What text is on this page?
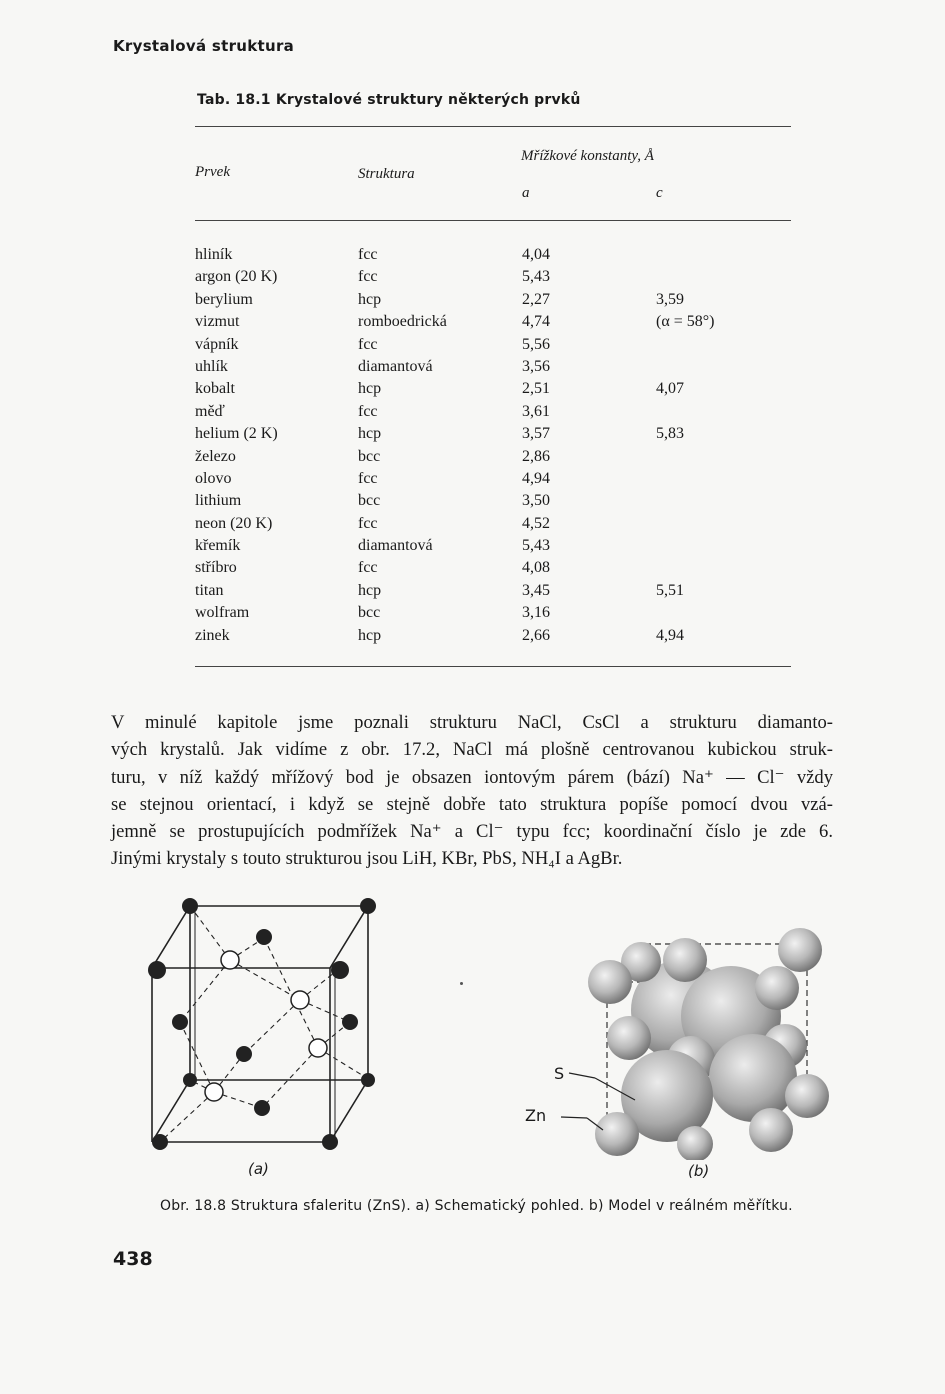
Krystalová struktura
Tab. 18.1 Krystalové struktury některých prvků
Mřížkové konstanty, Å
Prvek	Struktura
a	c
hliník	fcc	4,04
argon (20 K)	fcc	5,43
berylium	hcp	2,27	3,59
vizmut	romboedrická	4,74	(α = 58°)
vápník	fcc	5,56
uhlík	diamantová	3,56
kobalt	hcp	2,51	4,07
měď	fcc	3,61
helium (2 K)	hcp	3,57	5,83
železo	bcc	2,86
olovo	fcc	4,94
lithium	bcc	3,50
neon (20 K)	fcc	4,52
křemík	diamantová	5,43
stříbro	fcc	4,08
titan	hcp	3,45	5,51
wolfram	bcc	3,16
zinek	hcp	2,66	4,94
V minulé kapitole jsme poznali strukturu NaCl, CsCl a strukturu diamanto-
vých krystalů. Jak vidíme z obr. 17.2, NaCl má plošně centrovanou kubickou struk-
turu, v níž každý mřížový bod je obsazen iontovým párem (bází) Na⁺ — Cl⁻ vždy
se stejnou orientací, i když se stejně dobře tato struktura popíše pomocí dvou vzá-
jemně se prostupujících podmřížek Na⁺ a Cl⁻ typu fcc; koordinační číslo je zde 6.
Jinými krystaly s touto strukturou jsou LiH, KBr, PbS, NH₄I a AgBr.
(a)
S
Zn
(b)
Obr. 18.8 Struktura sfaleritu (ZnS). a) Schematický pohled. b) Model v reálném měřítku.
438
